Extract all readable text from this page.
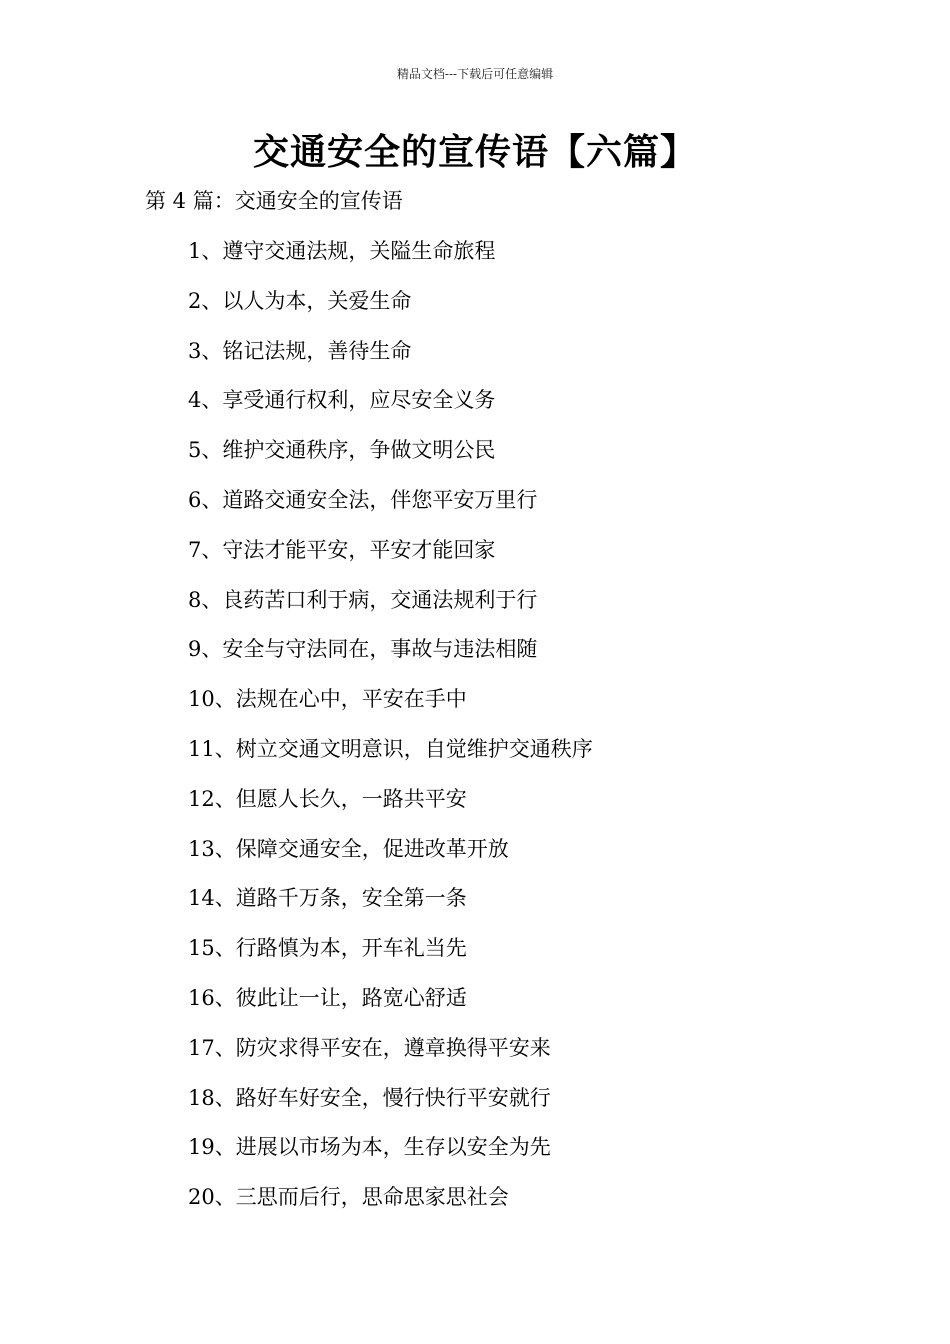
精品文档---下载后可任意编辑
交通安全的宣传语【六篇】
第 4 篇：交通安全的宣传语
1、遵守交通法规，关隘生命旅程
2、以人为本，关爱生命
3、铭记法规，善待生命
4、享受通行权利，应尽安全义务
5、维护交通秩序，争做文明公民
6、道路交通安全法，伴您平安万里行
7、守法才能平安，平安才能回家
8、良药苦口利于病，交通法规利于行
9、安全与守法同在，事故与违法相随
10、法规在心中，平安在手中
11、树立交通文明意识，自觉维护交通秩序
12、但愿人长久，一路共平安
13、保障交通安全，促进改革开放
14、道路千万条，安全第一条
15、行路慎为本，开车礼当先
16、彼此让一让，路宽心舒适
17、防灾求得平安在，遵章换得平安来
18、路好车好安全，慢行快行平安就行
19、进展以市场为本，生存以安全为先
20、三思而后行，思命思家思社会
